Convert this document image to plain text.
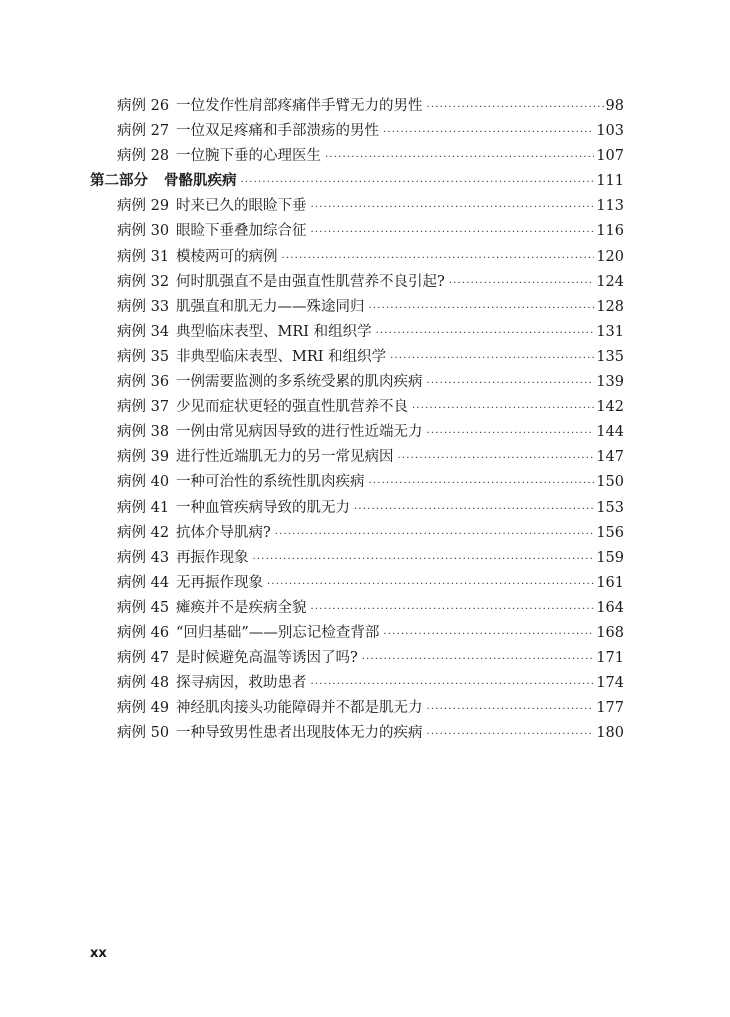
病例 26 一位发作性肩部疼痛伴手臂无力的男性 ·····	98
病例 27 一位双足疼痛和手部溃疡的男性 ·····	103
病例 28 一位腕下垂的心理医生 ·····	107
第二部分 骨骼肌疾病 ·····	111
病例 29 时来已久的眼睑下垂 ·····	113
病例 30 眼睑下垂叠加综合征 ·····	116
病例 31 模棱两可的病例 ·····	120
病例 32 何时肌强直不是由强直性肌营养不良引起? ·····	124
病例 33 肌强直和肌无力——殊途同归 ·····	128
病例 34 典型临床表型、MRI 和组织学 ·····	131
病例 35 非典型临床表型、MRI 和组织学 ·····	135
病例 36 一例需要监测的多系统受累的肌肉疾病 ·····	139
病例 37 少见而症状更轻的强直性肌营养不良 ·····	142
病例 38 一例由常见病因导致的进行性近端无力 ·····	144
病例 39 进行性近端肌无力的另一常见病因 ·····	147
病例 40 一种可治性的系统性肌肉疾病 ·····	150
病例 41 一种血管疾病导致的肌无力 ·····	153
病例 42 抗体介导肌病? ·····	156
病例 43 再振作现象 ·····	159
病例 44 无再振作现象 ·····	161
病例 45 瘫痪并不是疾病全貌 ·····	164
病例 46 “回归基础”——别忘记检查背部 ·····	168
病例 47 是时候避免高温等诱因了吗? ·····	171
病例 48 探寻病因，救助患者 ·····	174
病例 49 神经肌肉接头功能障碍并不都是肌无力 ·····	177
病例 50 一种导致男性患者出现肢体无力的疾病 ·····	180
xx
